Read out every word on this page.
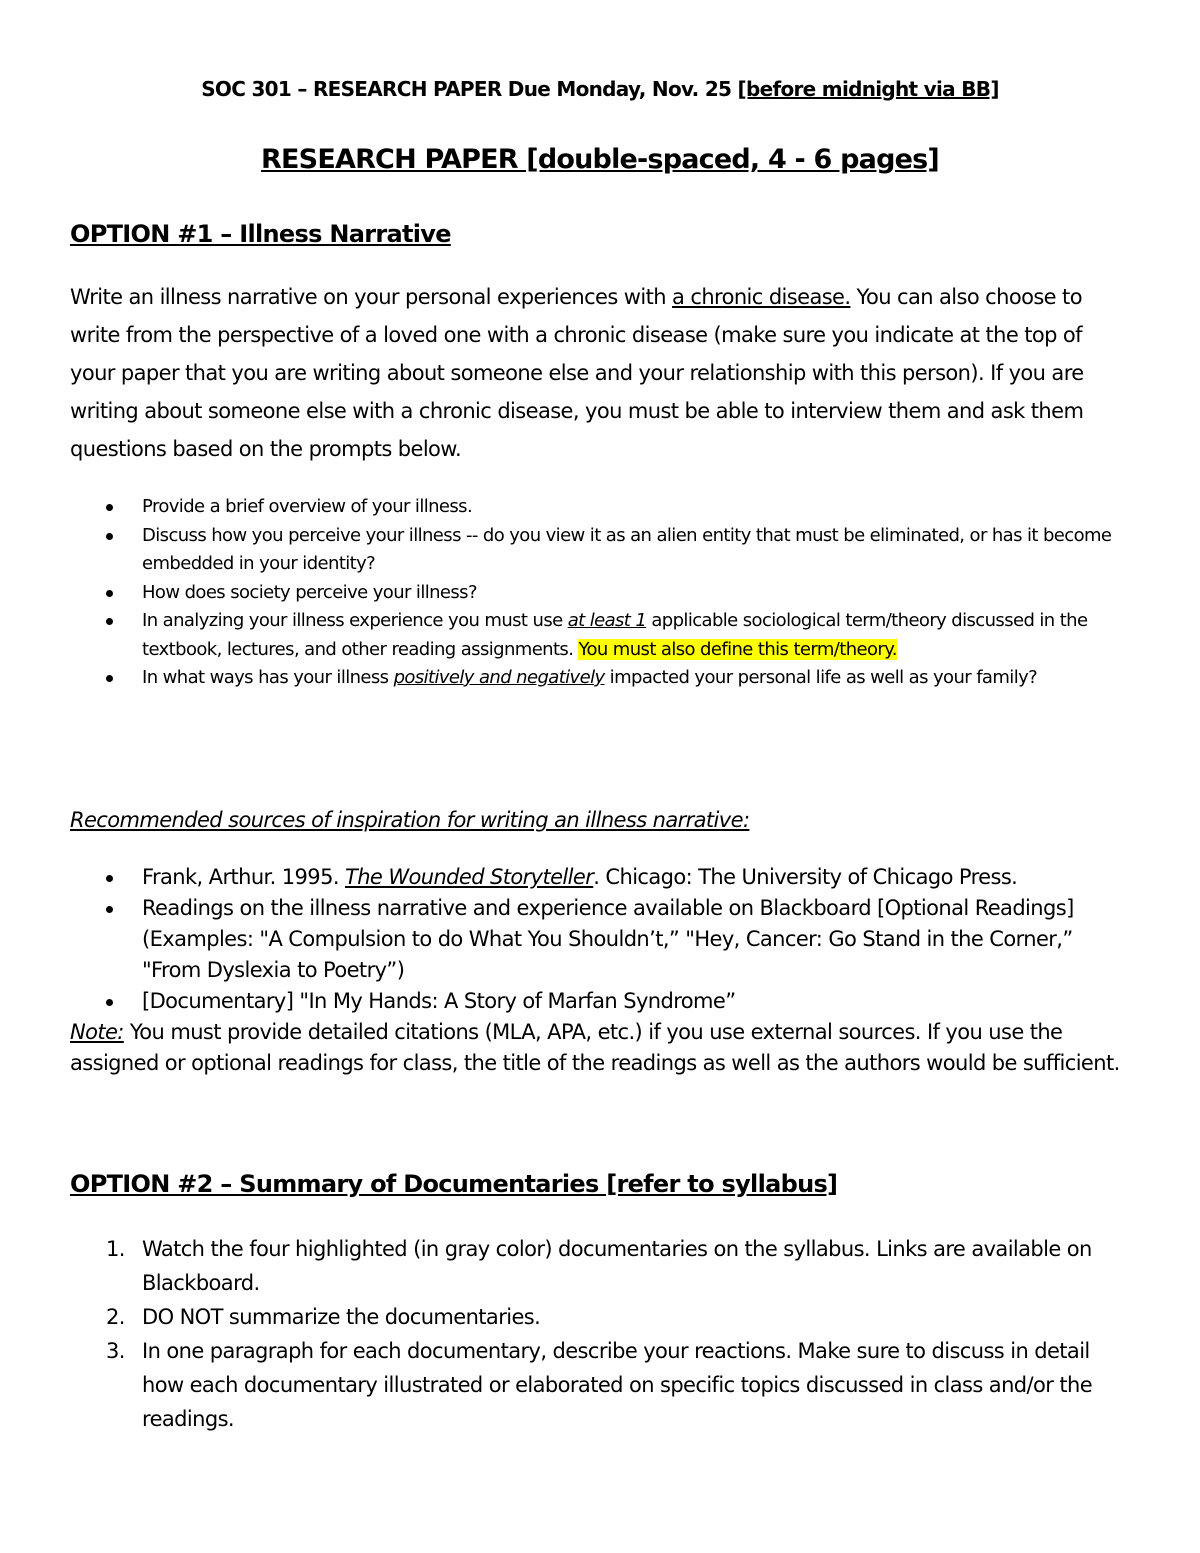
SOC 301 – RESEARCH PAPER Due Monday, Nov. 25 [before midnight via BB]
RESEARCH PAPER [double-spaced, 4 - 6 pages]
OPTION #1 – Illness Narrative
Write an illness narrative on your personal experiences with a chronic disease. You can also choose to write from the perspective of a loved one with a chronic disease (make sure you indicate at the top of your paper that you are writing about someone else and your relationship with this person). If you are writing about someone else with a chronic disease, you must be able to interview them and ask them questions based on the prompts below.
Provide a brief overview of your illness.
Discuss how you perceive your illness -- do you view it as an alien entity that must be eliminated, or has it become embedded in your identity?
How does society perceive your illness?
In analyzing your illness experience you must use at least 1 applicable sociological term/theory discussed in the textbook, lectures, and other reading assignments. You must also define this term/theory.
In what ways has your illness positively and negatively impacted your personal life as well as your family?
Recommended sources of inspiration for writing an illness narrative:
Frank, Arthur. 1995. The Wounded Storyteller. Chicago: The University of Chicago Press.
Readings on the illness narrative and experience available on Blackboard [Optional Readings] (Examples: "A Compulsion to do What You Shouldn’t,” "Hey, Cancer: Go Stand in the Corner,” "From Dyslexia to Poetry”)
[Documentary] "In My Hands: A Story of Marfan Syndrome”
Note: You must provide detailed citations (MLA, APA, etc.) if you use external sources. If you use the assigned or optional readings for class, the title of the readings as well as the authors would be sufficient.
OPTION #2 – Summary of Documentaries [refer to syllabus]
1. Watch the four highlighted (in gray color) documentaries on the syllabus. Links are available on Blackboard.
2. DO NOT summarize the documentaries.
3. In one paragraph for each documentary, describe your reactions. Make sure to discuss in detail how each documentary illustrated or elaborated on specific topics discussed in class and/or the readings.
